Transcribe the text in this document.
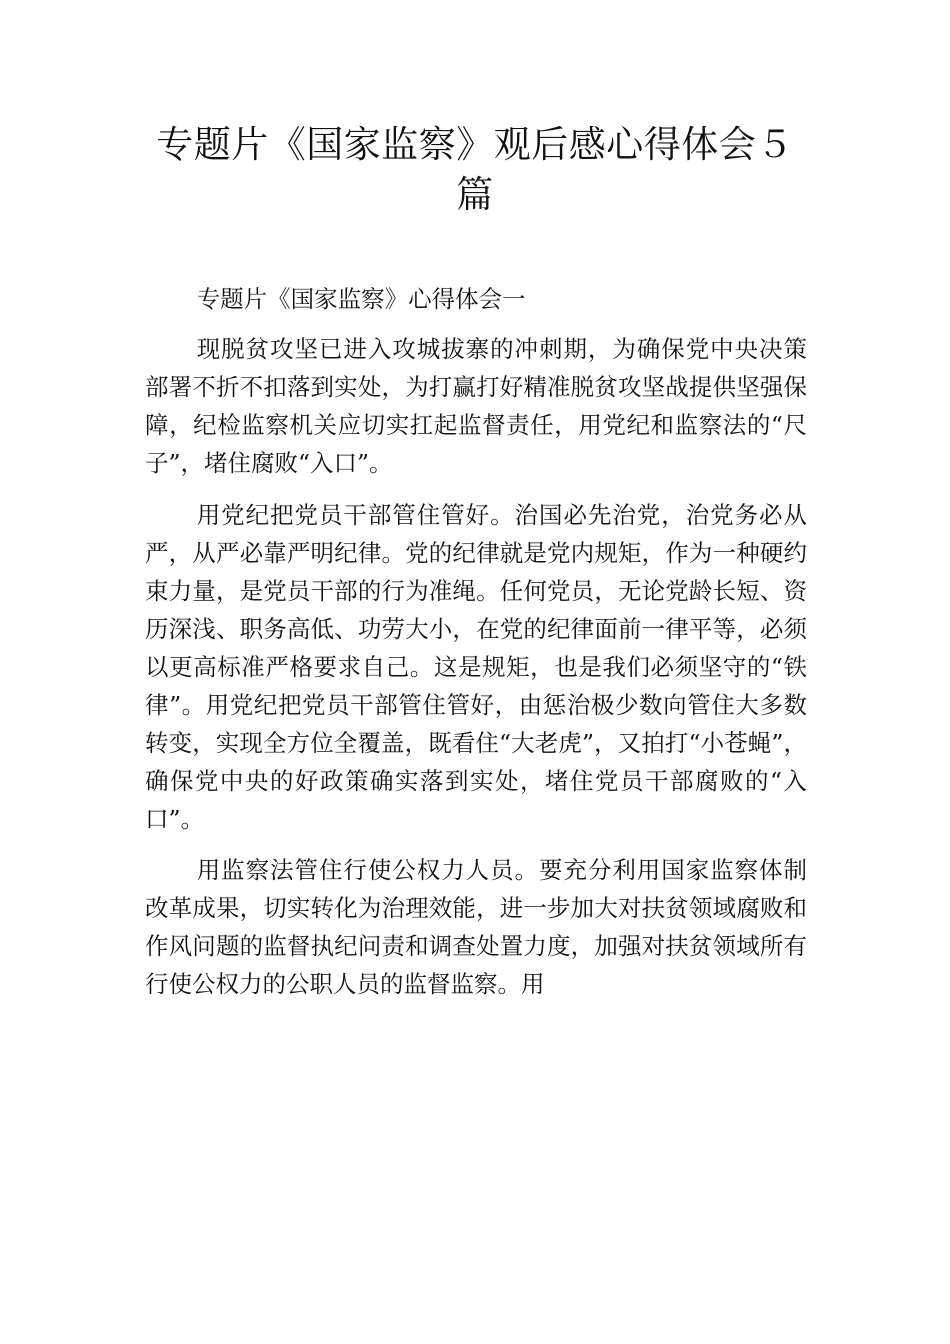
专题片《国家监察》观后感心得体会５篇

专题片《国家监察》心得体会一

现脱贫攻坚已进入攻城拔寨的冲刺期，为确保党中央决策部署不折不扣落到实处，为打赢打好精准脱贫攻坚战提供坚强保障，纪检监察机关应切实扛起监督责任，用党纪和监察法的“尺子”，堵住腐败“入口”。

用党纪把党员干部管住管好。治国必先治党，治党务必从严，从严必靠严明纪律。党的纪律就是党内规矩，作为一种硬约束力量，是党员干部的行为准绳。任何党员，无论党龄长短、资历深浅、职务高低、功劳大小，在党的纪律面前一律平等，必须以更高标准严格要求自己。这是规矩，也是我们必须坚守的“铁律”。用党纪把党员干部管住管好，由惩治极少数向管住大多数转变，实现全方位全覆盖，既看住“大老虎”，又拍打“小苍蝇”，确保党中央的好政策确实落到实处，堵住党员干部腐败的“入口”。

用监察法管住行使公权力人员。要充分利用国家监察体制改革成果，切实转化为治理效能，进一步加大对扶贫领域腐败和作风问题的监督执纪问责和调查处置力度，加强对扶贫领域所有行使公权力的公职人员的监督监察。用
